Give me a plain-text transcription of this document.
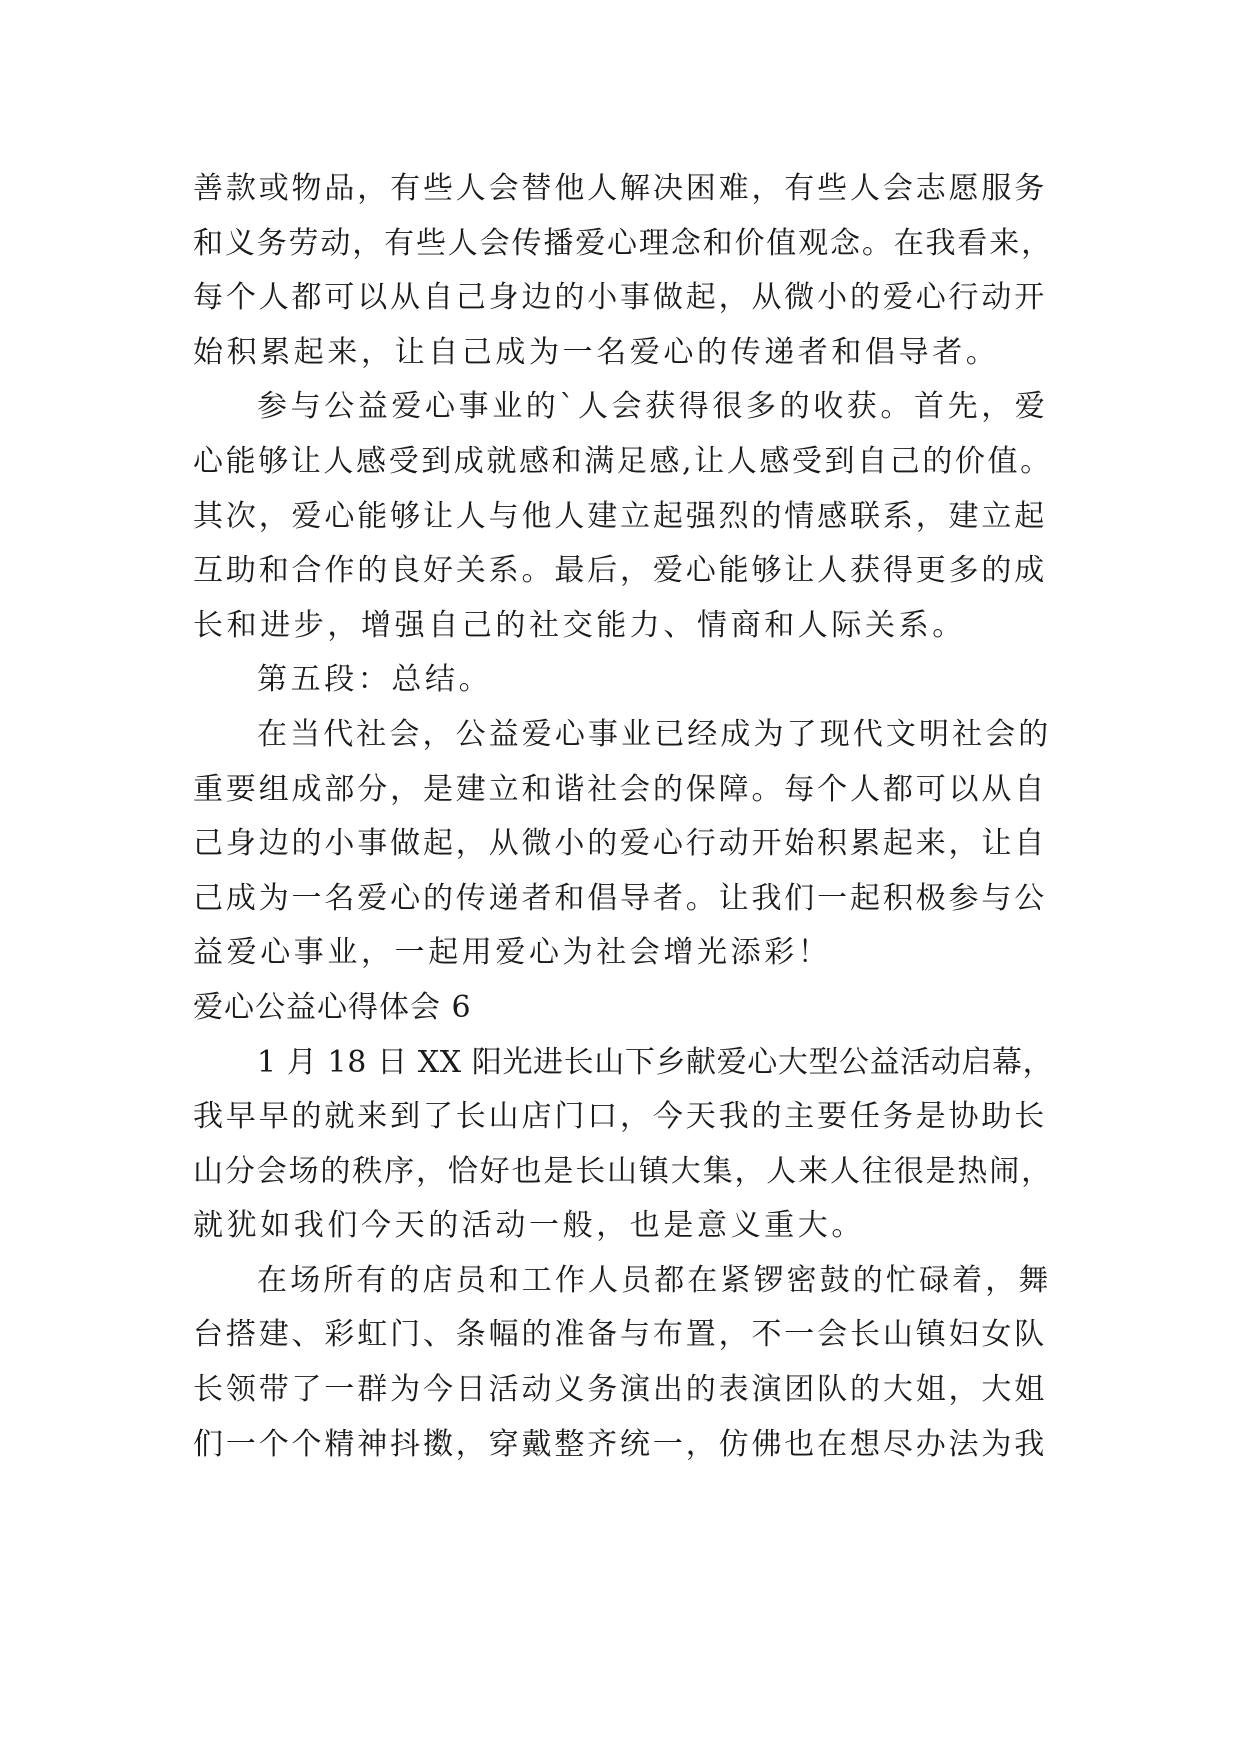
善款或物品，有些人会替他人解决困难，有些人会志愿服务
和义务劳动，有些人会传播爱心理念和价值观念。在我看来，
每个人都可以从自己身边的小事做起，从微小的爱心行动开
始积累起来，让自己成为一名爱心的传递者和倡导者。
参与公益爱心事业的`人会获得很多的收获。首先，爱
心能够让人感受到成就感和满足感,让人感受到自己的价值。
其次，爱心能够让人与他人建立起强烈的情感联系，建立起
互助和合作的良好关系。最后，爱心能够让人获得更多的成
长和进步，增强自己的社交能力、情商和人际关系。
第五段：总结。
在当代社会，公益爱心事业已经成为了现代文明社会的
重要组成部分，是建立和谐社会的保障。每个人都可以从自
己身边的小事做起，从微小的爱心行动开始积累起来，让自
己成为一名爱心的传递者和倡导者。让我们一起积极参与公
益爱心事业，一起用爱心为社会增光添彩！
爱心公益心得体会 6
1 月 18 日 XX 阳光进长山下乡献爱心大型公益活动启幕，
我早早的就来到了长山店门口，今天我的主要任务是协助长
山分会场的秩序，恰好也是长山镇大集，人来人往很是热闹，
就犹如我们今天的活动一般，也是意义重大。
在场所有的店员和工作人员都在紧锣密鼓的忙碌着，舞
台搭建、彩虹门、条幅的准备与布置，不一会长山镇妇女队
长领带了一群为今日活动义务演出的表演团队的大姐，大姐
们一个个精神抖擞，穿戴整齐统一，仿佛也在想尽办法为我
